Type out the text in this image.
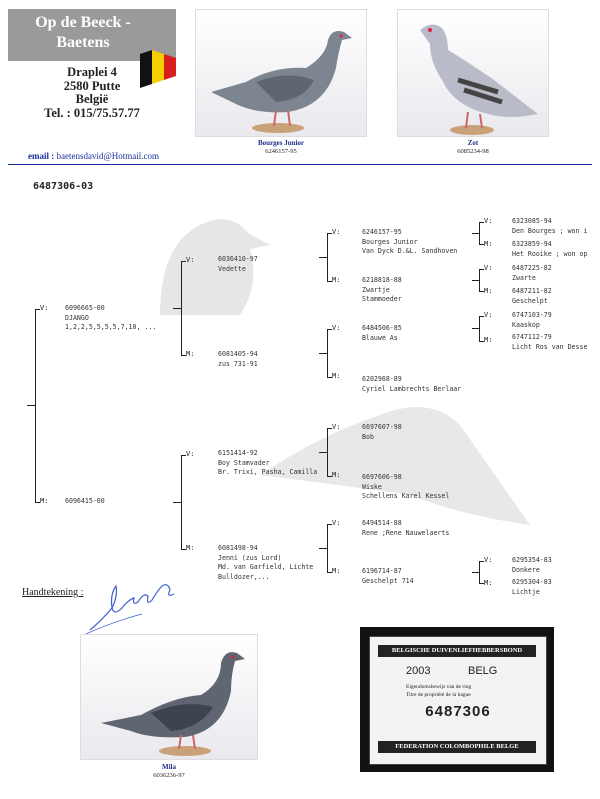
Op de Beeck -
Baetens
Draplei 4
2580 Putte
België
Tel. : 015/75.57.77
email : baetensdavid@Hotmail.com
Bourges Junior
6246157-95
Zot
6085234-98
6487306-03
V:
M:
6096665-00
DJANGO
1,2,2,5,5,5,5,7,10, ...
6096415-00
V:
M:
6036410-97
Vedette
6081405-94
zus 731-91
V:
M:
6151414-92
Boy Stamvader
Br. Trixi, Pasha, Camilla
6081498-94
Jenni (zus Lord)
Md. van Garfield, Lichte
Bulldozer,...
V:
M:
6246157-95
Bourges Junior
Van Dyck D.&L. Sandhoven
6218818-88
Zwartje
Stammoeder
V:
M:
6484506-85
Blauwe As
6202968-89
Cyriel Lambrechts Berlaar
V:
M:
6697607-98
Bob
6697606-98
Wiske
Schellens Karel Kessel
V:
M:
6494514-88
Rene ;Rene Nauwelaerts
6196714-87
Geschelpt 714
V:
M:
6323085-94
Den Bourges ; won i
6323859-94
Het Rooike ; won op
V:
M:
6487225-82
Zwarte
6487211-82
Geschelpt
V:
M:
6747103-79
Kaaskop
6747112-79
Licht Ros van Desse
V:
M:
6295354-83
Donkere
6295304-83
Lichtje
Handtekening :
Mila
6036236-97
BELGISCHE DUIVENLIEFHEBBERSBOND
2003	BELG
Eigendomsbewijs van de ring
Titre de propriété de la bague
6487306
FEDERATION COLOMBOPHILE BELGE
